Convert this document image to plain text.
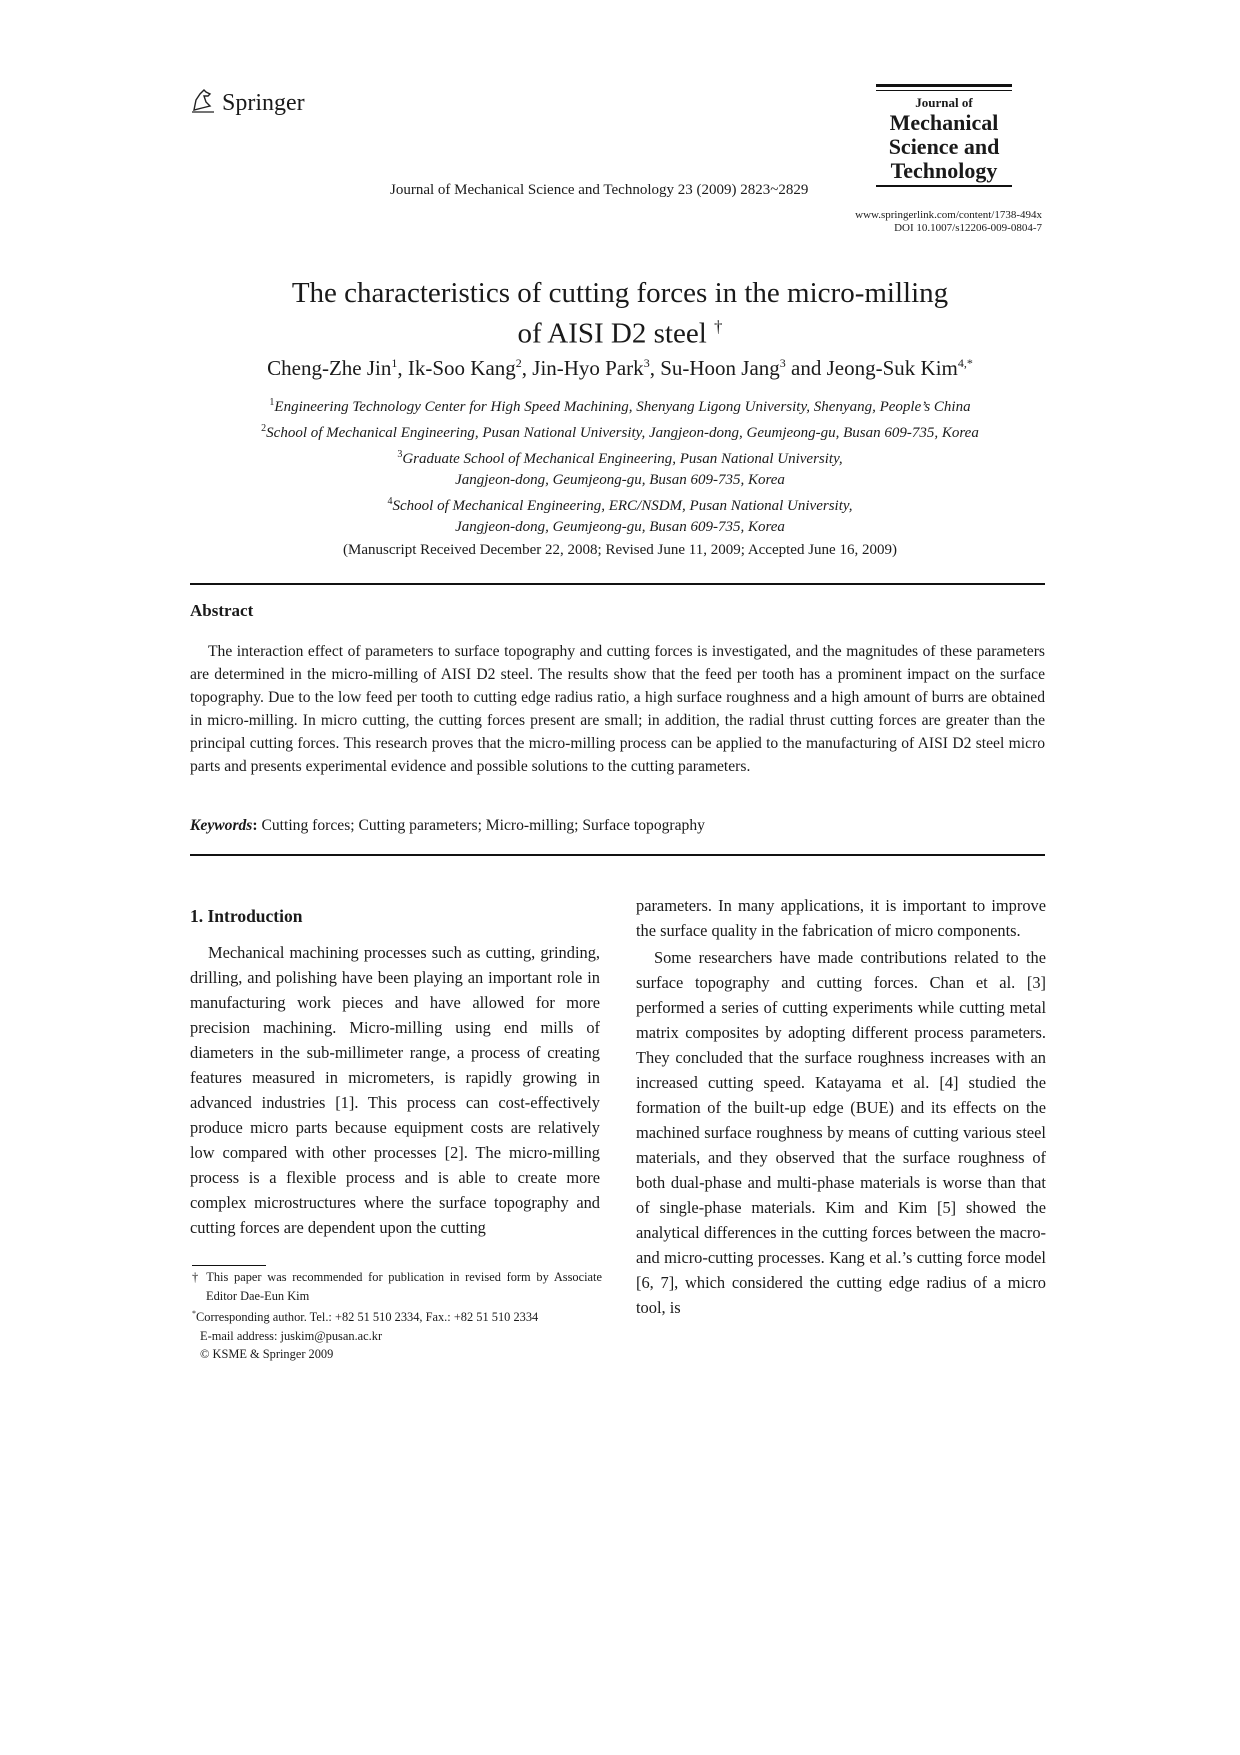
Springer
Journal of Mechanical Science and Technology 23 (2009) 2823~2829
Journal of
Mechanical
Science and
Technology
www.springerlink.com/content/1738-494x
DOI 10.1007/s12206-009-0804-7
The characteristics of cutting forces in the micro-milling
of AISI D2 steel †
Cheng-Zhe Jin$^1$, Ik-Soo Kang$^2$, Jin-Hyo Park$^3$, Su-Hoon Jang$^3$ and Jeong-Suk Kim$^{4,*}$
$^1$Engineering Technology Center for High Speed Machining, Shenyang Ligong University, Shenyang, People’s China
$^2$School of Mechanical Engineering, Pusan National University, Jangjeon-dong, Geumjeong-gu, Busan 609-735, Korea
$^3$Graduate School of Mechanical Engineering, Pusan National University,
Jangjeon-dong, Geumjeong-gu, Busan 609-735, Korea
$^4$School of Mechanical Engineering, ERC/NSDM, Pusan National University,
Jangjeon-dong, Geumjeong-gu, Busan 609-735, Korea
(Manuscript Received December 22, 2008; Revised June 11, 2009; Accepted June 16, 2009)
Abstract
The interaction effect of parameters to surface topography and cutting forces is investigated, and the magnitudes of these parameters are determined in the micro-milling of AISI D2 steel. The results show that the feed per tooth has a prominent impact on the surface topography. Due to the low feed per tooth to cutting edge radius ratio, a high surface roughness and a high amount of burrs are obtained in micro-milling. In micro cutting, the cutting forces present are small; in addition, the radial thrust cutting forces are greater than the principal cutting forces. This research proves that the micro-milling process can be applied to the manufacturing of AISI D2 steel micro parts and presents experimental evidence and possible solutions to the cutting parameters.
Keywords: Cutting forces; Cutting parameters; Micro-milling; Surface topography
1. Introduction

Mechanical machining processes such as cutting, grinding, drilling, and polishing have been playing an important role in manufacturing work pieces and have allowed for more precision machining. Micro-milling using end mills of diameters in the sub-millimeter range, a process of creating features measured in micrometers, is rapidly growing in advanced industries [1]. This process can cost-effectively produce micro parts because equipment costs are relatively low compared with other processes [2]. The micro-milling process is a flexible process and is able to create more complex microstructures where the surface topography and cutting forces are dependent upon the cutting

parameters. In many applications, it is important to improve the surface quality in the fabrication of micro components.

Some researchers have made contributions related to the surface topography and cutting forces. Chan et al. [3] performed a series of cutting experiments while cutting metal matrix composites by adopting different process parameters. They concluded that the surface roughness increases with an increased cutting speed. Katayama et al. [4] studied the formation of the built-up edge (BUE) and its effects on the machined surface roughness by means of cutting various steel materials, and they observed that the surface roughness of both dual-phase and multi-phase materials is worse than that of single-phase materials. Kim and Kim [5] showed the analytical differences in the cutting forces between the macro- and micro-cutting processes. Kang et al.’s cutting force model [6, 7], which considered the cutting edge radius of a micro tool, is

† This paper was recommended for publication in revised form by Associate Editor Dae-Eun Kim
*Corresponding author. Tel.: +82 51 510 2334, Fax.: +82 51 510 2334
E-mail address: juskim@pusan.ac.kr
© KSME & Springer 2009
